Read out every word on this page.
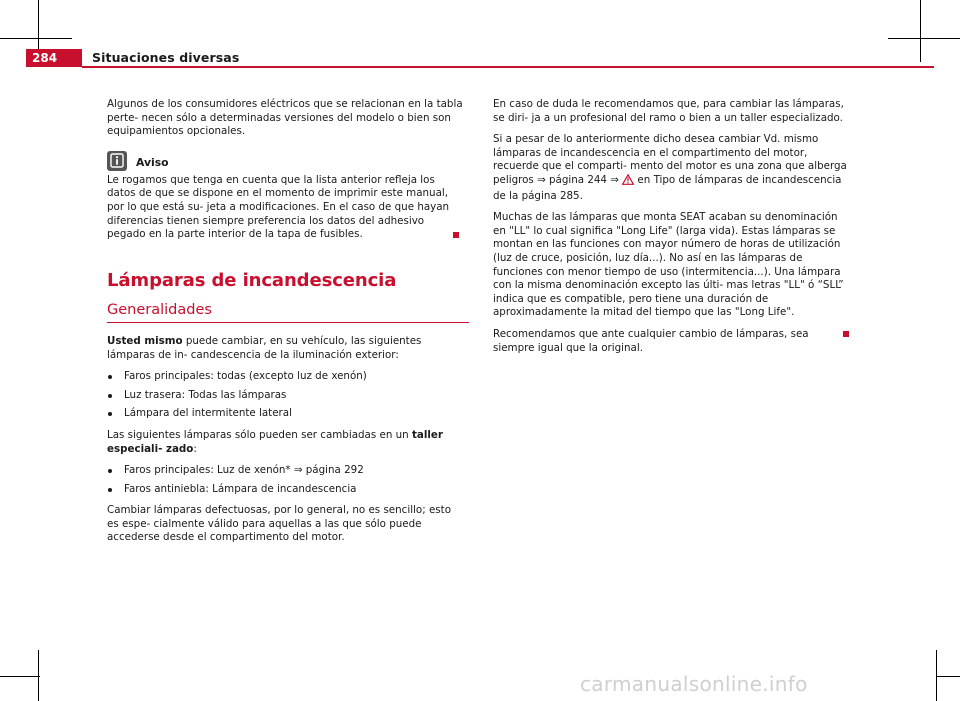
284	Situaciones diversas

Algunos de los consumidores eléctricos que se relacionan en la tabla perte- necen sólo a determinadas versiones del modelo o bien son equipamientos opcionales.

Aviso

Le rogamos que tenga en cuenta que la lista anterior refleja los datos de que se dispone en el momento de imprimir este manual, por lo que está su- jeta a modificaciones. En el caso de que hayan diferencias tienen siempre preferencia los datos del adhesivo pegado en la parte interior de la tapa de fusibles.

Lámparas de incandescencia
Generalidades

Usted mismo puede cambiar, en su vehículo, las siguientes lámparas de in- candescencia de la iluminación exterior:

Faros principales: todas (excepto luz de xenón)
Luz trasera: Todas las lámparas
Lámpara del intermitente lateral

Las siguientes lámparas sólo pueden ser cambiadas en un taller especiali- zado:

Faros principales: Luz de xenón* ⇒ página 292
Faros antiniebla: Lámpara de incandescencia

Cambiar lámparas defectuosas, por lo general, no es sencillo; esto es espe- cialmente válido para aquellas a las que sólo puede accederse desde el compartimento del motor.

En caso de duda le recomendamos que, para cambiar las lámparas, se diri- ja a un profesional del ramo o bien a un taller especializado.

Si a pesar de lo anteriormente dicho desea cambiar Vd. mismo lámparas de incandescencia en el compartimento del motor, recuerde que el comparti- mento del motor es una zona que alberga peligros ⇒ página 244 ⇒  en Tipo de lámparas de incandescencia de la página 285.

Muchas de las lámparas que monta SEAT acaban su denominación en "LL" lo cual significa "Long Life" (larga vida). Estas lámparas se montan en las funciones con mayor número de horas de utilización (luz de cruce, posición, luz día...). No así en las lámparas de funciones con menor tiempo de uso (intermitencia...). Una lámpara con la misma denominación excepto las últi- mas letras "LL" ó “SLL” indica que es compatible, pero tiene una duración de aproximadamente la mitad del tiempo que las "Long Life".

Recomendamos que ante cualquier cambio de lámparas, sea siempre igual que la original.

carmanualsonline.info
